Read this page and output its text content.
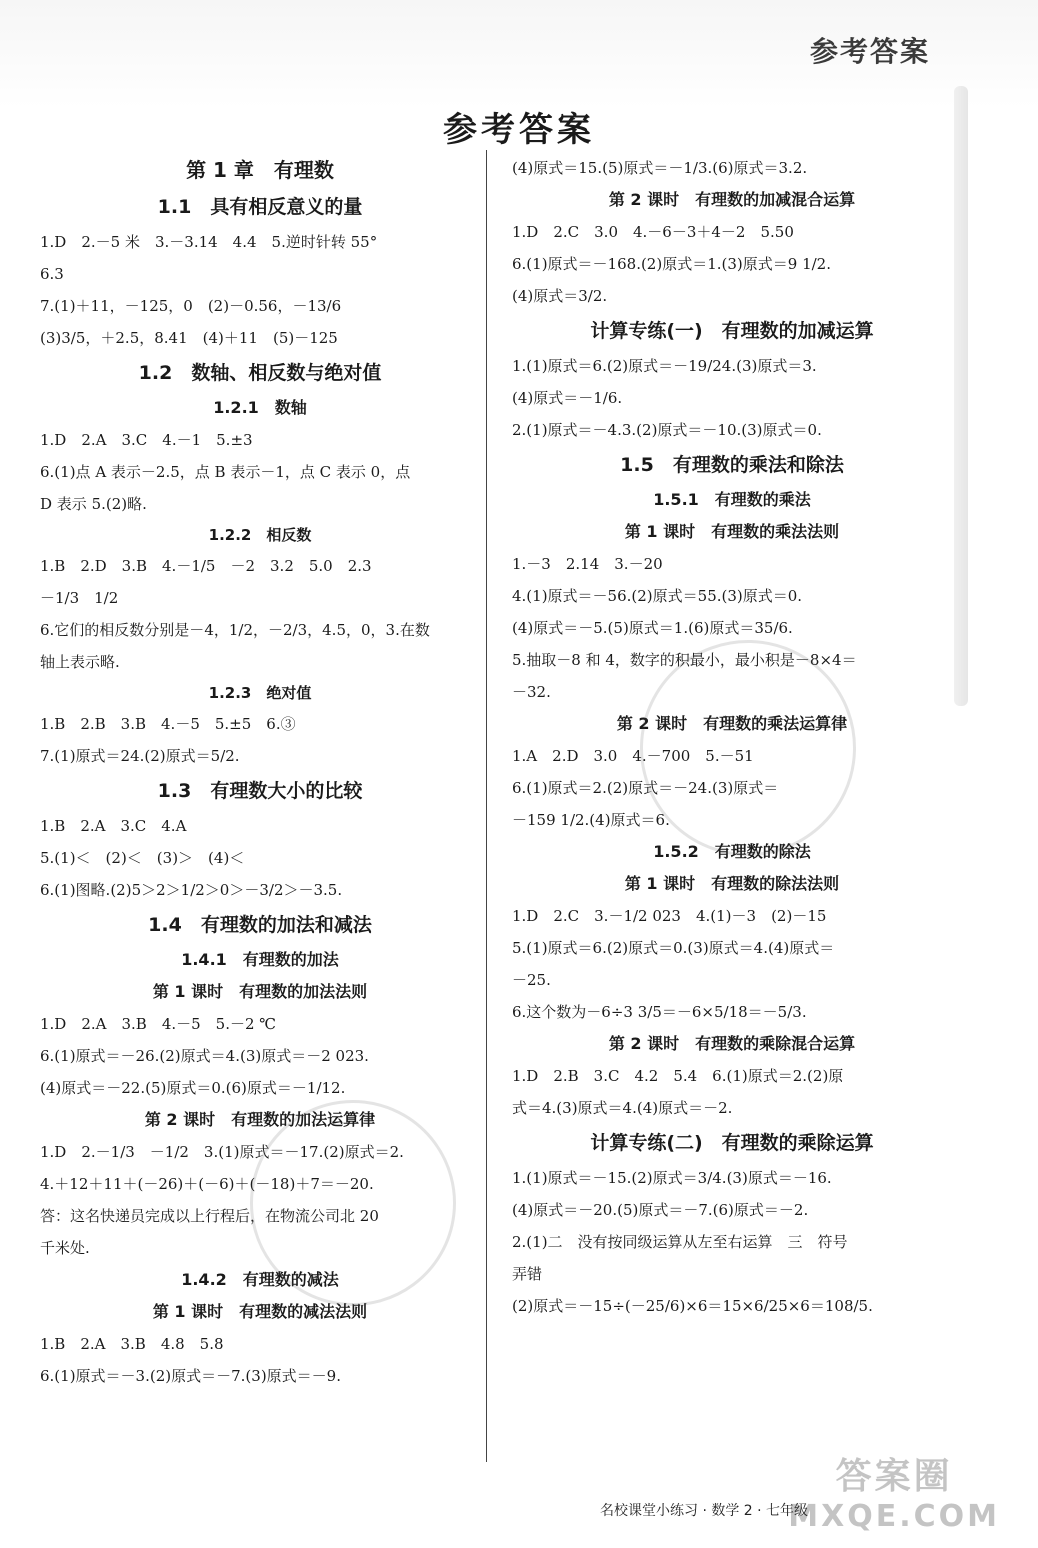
参考答案
参考答案
第 1 章　有理数
1.1　具有相反意义的量

1.D　2.－5 米　3.－3.14　4.4　5.逆时针转 55°

6.3

7.(1)＋11，－125，0　(2)－0.56，－13/6

(3)3/5，＋2.5，8.41　(4)＋11　(5)－125

1.2　数轴、相反数与绝对值
1.2.1　数轴

1.D　2.A　3.C　4.－1　5.±3

6.(1)点 A 表示－2.5，点 B 表示－1，点 C 表示 0，点

D 表示 5.(2)略.

1.2.2　相反数

1.B　2.D　3.B　4.－1/5　－2　3.2　5.0　2.3

－1/3　1/2

6.它们的相反数分别是－4，1/2，－2/3，4.5，0，3.在数

轴上表示略.

1.2.3　绝对值

1.B　2.B　3.B　4.－5　5.±5　6.③

7.(1)原式＝24.(2)原式＝5/2.

1.3　有理数大小的比较

1.B　2.A　3.C　4.A

5.(1)＜　(2)＜　(3)＞　(4)＜

6.(1)图略.(2)5＞2＞1/2＞0＞－3/2＞－3.5.

1.4　有理数的加法和减法
1.4.1　有理数的加法
第 1 课时　有理数的加法法则

1.D　2.A　3.B　4.－5　5.－2 ℃

6.(1)原式＝－26.(2)原式＝4.(3)原式＝－2 023.

(4)原式＝－22.(5)原式＝0.(6)原式＝－1/12.

第 2 课时　有理数的加法运算律

1.D　2.－1/3　－1/2　3.(1)原式＝－17.(2)原式＝2.

4.＋12＋11＋(－26)＋(－6)＋(－18)＋7＝－20.

答：这名快递员完成以上行程后，在物流公司北 20

千米处.

1.4.2　有理数的减法
第 1 课时　有理数的减法法则

1.B　2.A　3.B　4.8　5.8

6.(1)原式＝－3.(2)原式＝－7.(3)原式＝－9.

(4)原式＝15.(5)原式＝－1/3.(6)原式＝3.2.

第 2 课时　有理数的加减混合运算

1.D　2.C　3.0　4.－6－3＋4－2　5.50

6.(1)原式＝－168.(2)原式＝1.(3)原式＝9 1/2.

(4)原式＝3/2.

计算专练(一)　有理数的加减运算

1.(1)原式＝6.(2)原式＝－19/24.(3)原式＝3.

(4)原式＝－1/6.

2.(1)原式＝－4.3.(2)原式＝－10.(3)原式＝0.

1.5　有理数的乘法和除法
1.5.1　有理数的乘法
第 1 课时　有理数的乘法法则

1.－3　2.14　3.－20

4.(1)原式＝－56.(2)原式＝55.(3)原式＝0.

(4)原式＝－5.(5)原式＝1.(6)原式＝35/6.

5.抽取－8 和 4，数字的积最小，最小积是－8×4＝

－32.

第 2 课时　有理数的乘法运算律

1.A　2.D　3.0　4.－700　5.－51

6.(1)原式＝2.(2)原式＝－24.(3)原式＝

－159 1/2.(4)原式＝6.

1.5.2　有理数的除法
第 1 课时　有理数的除法法则

1.D　2.C　3.－1/2 023　4.(1)－3　(2)－15

5.(1)原式＝6.(2)原式＝0.(3)原式＝4.(4)原式＝

－25.

6.这个数为－6÷3 3/5＝－6×5/18＝－5/3.

第 2 课时　有理数的乘除混合运算

1.D　2.B　3.C　4.2　5.4　6.(1)原式＝2.(2)原

式＝4.(3)原式＝4.(4)原式＝－2.

计算专练(二)　有理数的乘除运算

1.(1)原式＝－15.(2)原式＝3/4.(3)原式＝－16.

(4)原式＝－20.(5)原式＝－7.(6)原式＝－2.

2.(1)二　没有按同级运算从左至右运算　三　符号

弄错

(2)原式＝－15÷(－25/6)×6＝15×6/25×6＝108/5.

名校课堂小练习 · 数学 2 · 七年级
答案圈
MXQE.COM
